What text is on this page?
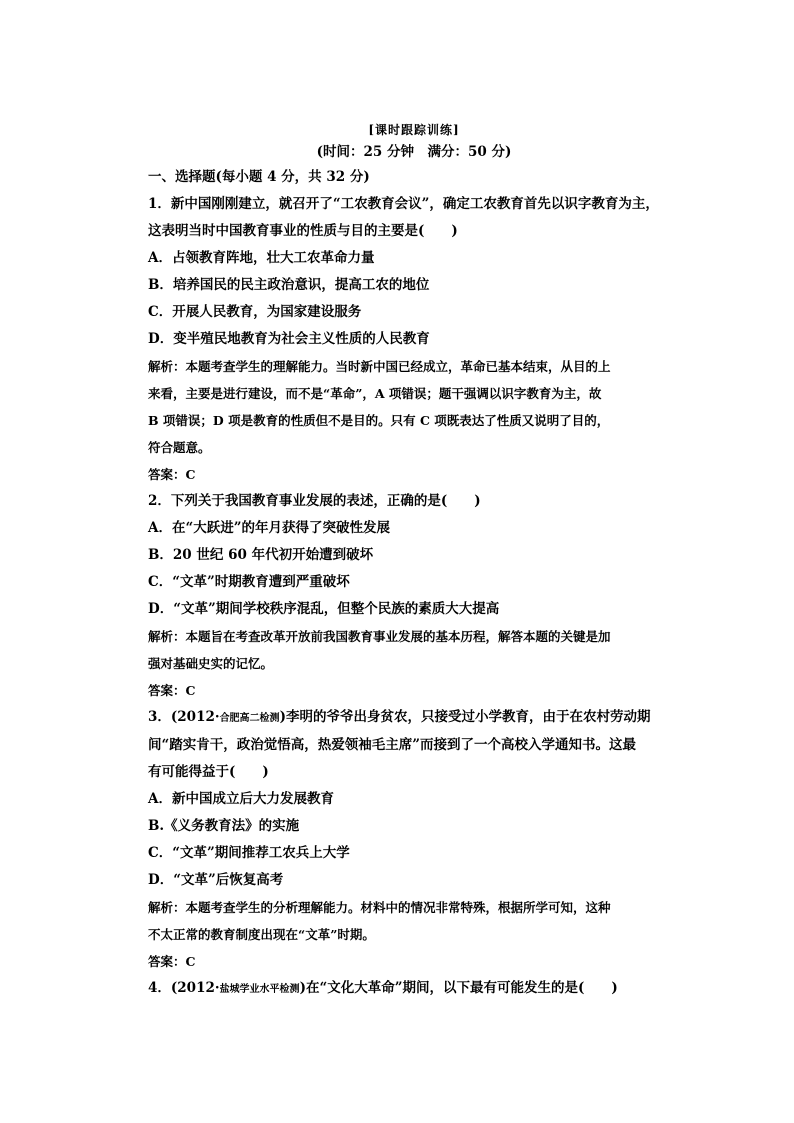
[课时跟踪训练]
(时间：25 分钟　满分：50 分)
一、选择题(每小题 4 分，共 32 分)
1．新中国刚刚建立，就召开了“工农教育会议”，确定工农教育首先以识字教育为主，
这表明当时中国教育事业的性质与目的主要是(　　)
A．占领教育阵地，壮大工农革命力量
B．培养国民的民主政治意识，提高工农的地位
C．开展人民教育，为国家建设服务
D．变半殖民地教育为社会主义性质的人民教育
解析：本题考查学生的理解能力。当时新中国已经成立，革命已基本结束，从目的上
来看，主要是进行建设，而不是“革命”，A 项错误；题干强调以识字教育为主，故
B 项错误；D 项是教育的性质但不是目的。只有 C 项既表达了性质又说明了目的，
符合题意。
答案：C
2．下列关于我国教育事业发展的表述，正确的是(　　)
A．在“大跃进”的年月获得了突破性发展
B．20 世纪 60 年代初开始遭到破坏
C．“文革”时期教育遭到严重破坏
D．“文革”期间学校秩序混乱，但整个民族的素质大大提高
解析：本题旨在考查改革开放前我国教育事业发展的基本历程，解答本题的关键是加
强对基础史实的记忆。
答案：C
3．(2012·合肥高二检测)李明的爷爷出身贫农，只接受过小学教育，由于在农村劳动期
间“踏实肯干，政治觉悟高，热爱领袖毛主席”而接到了一个高校入学通知书。这最
有可能得益于(　　)
A．新中国成立后大力发展教育
B.《义务教育法》的实施
C．“文革”期间推荐工农兵上大学
D．“文革”后恢复高考
解析：本题考查学生的分析理解能力。材料中的情况非常特殊，根据所学可知，这种
不太正常的教育制度出现在“文革”时期。
答案：C
4．(2012·盐城学业水平检测)在“文化大革命”期间，以下最有可能发生的是(　　)
